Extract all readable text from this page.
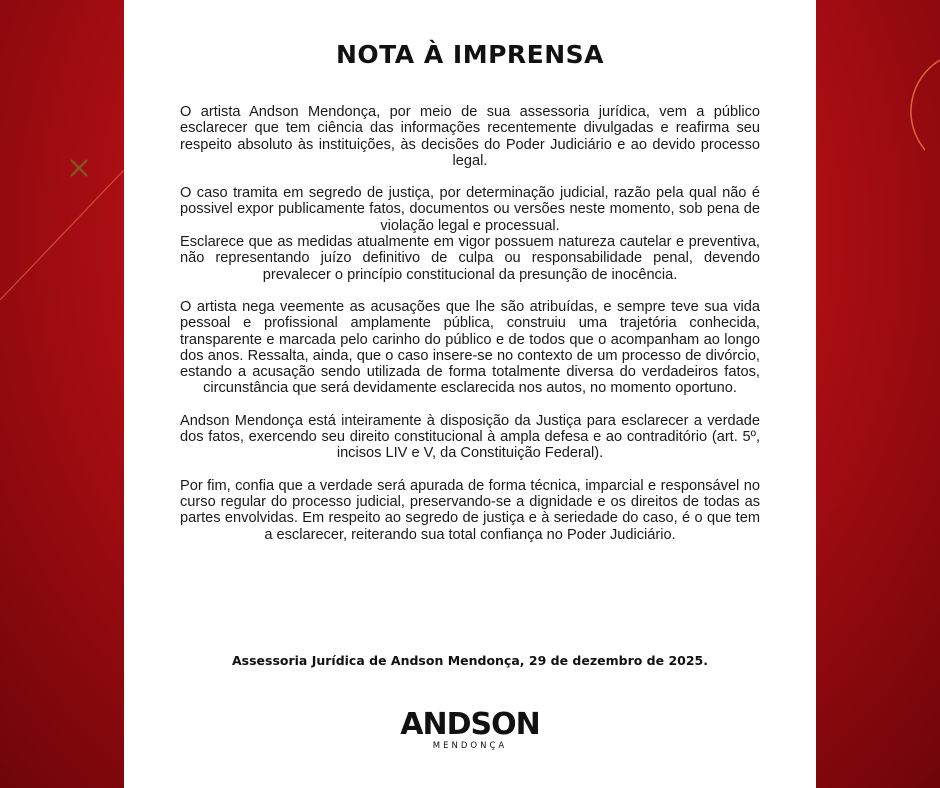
NOTA À IMPRENSA

O artista Andson Mendonça, por meio de sua assessoria jurídica, vem a público esclarecer que tem ciência das informações recentemente divulgadas e reafirma seu respeito absoluto às instituições, às decisões do Poder Judiciário e ao devido processo legal.

O caso tramita em segredo de justiça, por determinação judicial, razão pela qual não é possivel expor publicamente fatos, documentos ou versões neste momento, sob pena de violação legal e processual.

Esclarece que as medidas atualmente em vigor possuem natureza cautelar e preventiva, não representando juízo definitivo de culpa ou responsabilidade penal, devendo prevalecer o princípio constitucional da presunção de inocência.

O artista nega veemente as acusações que lhe são atribuídas, e sempre teve sua vida pessoal e profissional amplamente pública, construiu uma trajetória conhecida, transparente e marcada pelo carinho do público e de todos que o acompanham ao longo dos anos. Ressalta, ainda, que o caso insere-se no contexto de um processo de divórcio, estando a acusação sendo utilizada de forma totalmente diversa do verdadeiros fatos, circunstância que será devidamente esclarecida nos autos, no momento oportuno.

Andson Mendonça está inteiramente à disposição da Justiça para esclarecer a verdade dos fatos, exercendo seu direito constitucional à ampla defesa e ao contraditório (art. 5º, incisos LIV e V, da Constituição Federal).

Por fim, confia que a verdade será apurada de forma técnica, imparcial e responsável no curso regular do processo judicial, preservando-se a dignidade e os direitos de todas as partes envolvidas. Em respeito ao segredo de justiça e à seriedade do caso, é o que tem a esclarecer, reiterando sua total confiança no Poder Judiciário.

Assessoria Jurídica de Andson Mendonça, 29 de dezembro de 2025.

ANDSON
MENDONÇA
